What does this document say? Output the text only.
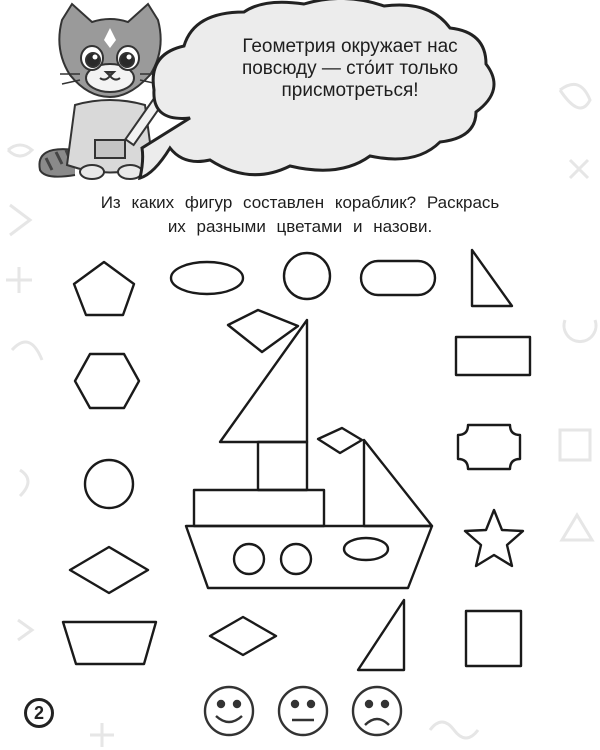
Геометрия окружает нас
повсюду — сто́ит только
присмотреться!
Из каких фигур составлен кораблик? Раскрась
их разными цветами и назови.
2
